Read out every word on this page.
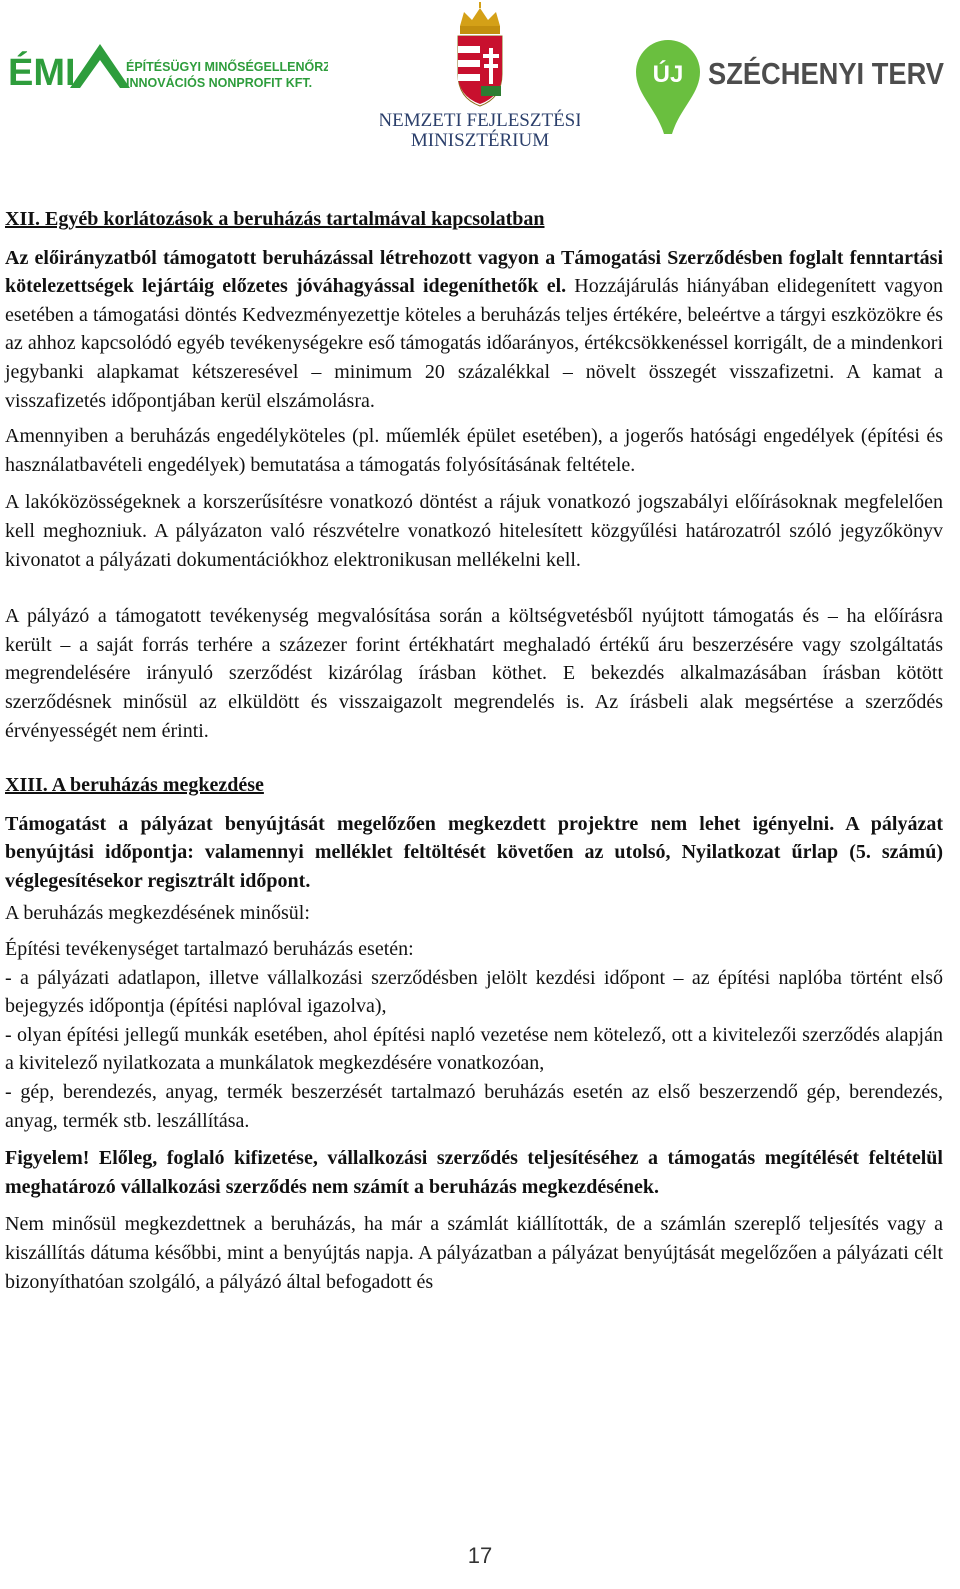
ÉMI	ÉPÍTÉSÜGYI MINŐSÉGELLENŐRZŐ
INNOVÁCIÓS NONPROFIT KFT.
NEMZETI FEJLESZTÉSI
MINISZTÉRIUM
ÚJ SZÉCHENYI TERV

XII. Egyéb korlátozások a beruházás tartalmával kapcsolatban

Az előirányzatból támogatott beruházással létrehozott vagyon a Támogatási Szerződésben foglalt fenntartási kötelezettségek lejártáig előzetes jóváhagyással idegeníthetők el. Hozzájárulás hiányában elidegenített vagyon esetében a támogatási döntés Kedvezményezettje köteles a beruházás teljes értékére, beleértve a tárgyi eszközökre és az ahhoz kapcsolódó egyéb tevékenységekre eső támogatás időarányos, értékcsökkenéssel korrigált, de a mindenkori jegybanki alapkamat kétszeresével – minimum 20 százalékkal – növelt összegét visszafizetni. A kamat a visszafizetés időpontjában kerül elszámolásra.

Amennyiben a beruházás engedélyköteles (pl. műemlék épület esetében), a jogerős hatósági engedélyek (építési és használatbavételi engedélyek) bemutatása a támogatás folyósításának feltétele.

A lakóközösségeknek a korszerűsítésre vonatkozó döntést a rájuk vonatkozó jogszabályi előírásoknak megfelelően kell meghozniuk. A pályázaton való részvételre vonatkozó hitelesített közgyűlési határozatról szóló jegyzőkönyv kivonatot a pályázati dokumentációkhoz elektronikusan mellékelni kell.

A pályázó a támogatott tevékenység megvalósítása során a költségvetésből nyújtott támogatás és – ha előírásra került – a saját forrás terhére a százezer forint értékhatárt meghaladó értékű áru beszerzésére vagy szolgáltatás megrendelésére irányuló szerződést kizárólag írásban köthet. E bekezdés alkalmazásában írásban kötött szerződésnek minősül az elküldött és visszaigazolt megrendelés is. Az írásbeli alak megsértése a szerződés érvényességét nem érinti.

XIII. A beruházás megkezdése

Támogatást a pályázat benyújtását megelőzően megkezdett projektre nem lehet igényelni. A pályázat benyújtási időpontja: valamennyi melléklet feltöltését követően az utolsó, Nyilatkozat űrlap (5. számú) véglegesítésekor regisztrált időpont.

A beruházás megkezdésének minősül:

Építési tevékenységet tartalmazó beruházás esetén:

- a pályázati adatlapon, illetve vállalkozási szerződésben jelölt kezdési időpont – az építési naplóba történt első bejegyzés időpontja (építési naplóval igazolva),

- olyan építési jellegű munkák esetében, ahol építési napló vezetése nem kötelező, ott a kivitelezői szerződés alapján a kivitelező nyilatkozata a munkálatok megkezdésére vonatkozóan,

- gép, berendezés, anyag, termék beszerzését tartalmazó beruházás esetén az első beszerzendő gép, berendezés, anyag, termék stb. leszállítása.

Figyelem! Előleg, foglaló kifizetése, vállalkozási szerződés teljesítéséhez a támogatás megítélését feltételül meghatározó vállalkozási szerződés nem számít a beruházás megkezdésének.

Nem minősül megkezdettnek a beruházás, ha már a számlát kiállították, de a számlán szereplő teljesítés vagy a kiszállítás dátuma későbbi, mint a benyújtás napja. A pályázatban a pályázat benyújtását megelőzően a pályázati célt bizonyíthatóan szolgáló, a pályázó által befogadott és

17
